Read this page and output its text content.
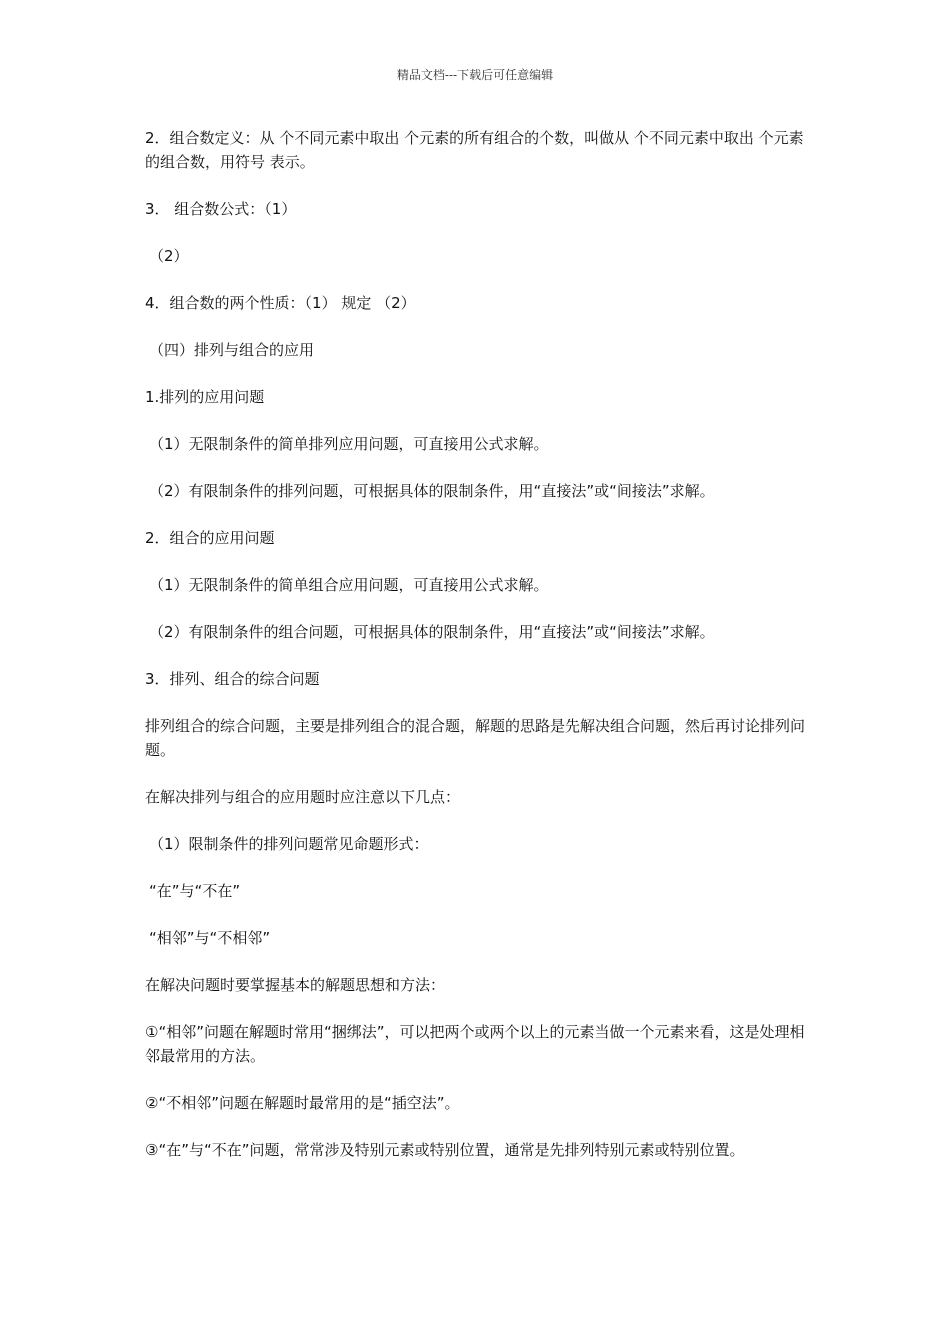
精品文档---下载后可任意编辑

2．组合数定义：从 个不同元素中取出 个元素的所有组合的个数，叫做从 个不同元素中取出 个元素的组合数，用符号 表示。

3． 组合数公式：（1）

（2）

4．组合数的两个性质：（1） 规定 （2）

（四）排列与组合的应用

1.排列的应用问题

（1）无限制条件的简单排列应用问题，可直接用公式求解。

（2）有限制条件的排列问题，可根据具体的限制条件，用“直接法”或“间接法”求解。

2．组合的应用问题

（1）无限制条件的简单组合应用问题，可直接用公式求解。

（2）有限制条件的组合问题，可根据具体的限制条件，用“直接法”或“间接法”求解。

3．排列、组合的综合问题

排列组合的综合问题，主要是排列组合的混合题，解题的思路是先解决组合问题，然后再讨论排列问题。

在解决排列与组合的应用题时应注意以下几点：

（1）限制条件的排列问题常见命题形式：

“在”与“不在”

“相邻”与“不相邻”

在解决问题时要掌握基本的解题思想和方法：

①“相邻”问题在解题时常用“捆绑法”，可以把两个或两个以上的元素当做一个元素来看，这是处理相邻最常用的方法。

②“不相邻”问题在解题时最常用的是“插空法”。

③“在”与“不在”问题，常常涉及特别元素或特别位置，通常是先排列特别元素或特别位置。
